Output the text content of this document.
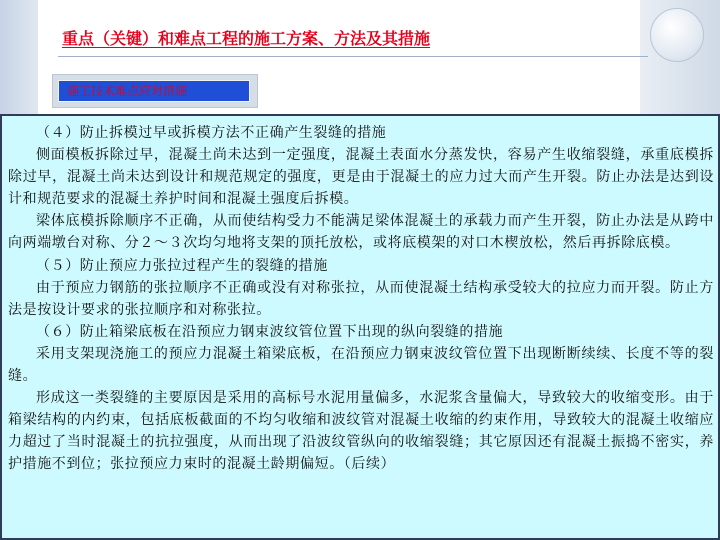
重点（关键）和难点工程的施工方案、方法及其措施
施工技术难点应对措施

（４）防止拆模过早或拆模方法不正确产生裂缝的措施

侧面模板拆除过早，混凝土尚未达到一定强度，混凝土表面水分蒸发快，容易产生收缩裂缝，承重底模拆除过早，混凝土尚未达到设计和规范规定的强度，更是由于混凝土的应力过大而产生开裂。防止办法是达到设计和规范要求的混凝土养护时间和混凝土强度后拆模。

梁体底模拆除顺序不正确，从而使结构受力不能满足梁体混凝土的承载力而产生开裂，防止办法是从跨中向两端墩台对称、分２～３次均匀地将支架的顶托放松，或将底模架的对口木楔放松，然后再拆除底模。

（５）防止预应力张拉过程产生的裂缝的措施

由于预应力钢筋的张拉顺序不正确或没有对称张拉，从而使混凝土结构承受较大的拉应力而开裂。防止方法是按设计要求的张拉顺序和对称张拉。

（６）防止箱梁底板在沿预应力钢束波纹管位置下出现的纵向裂缝的措施

采用支架现浇施工的预应力混凝土箱梁底板，在沿预应力钢束波纹管位置下出现断断续续、长度不等的裂缝。

形成这一类裂缝的主要原因是采用的高标号水泥用量偏多，水泥浆含量偏大，导致较大的收缩变形。由于箱梁结构的内约束，包括底板截面的不均匀收缩和波纹管对混凝土收缩的约束作用，导致较大的混凝土收缩应力超过了当时混凝土的抗拉强度，从而出现了沿波纹管纵向的收缩裂缝；其它原因还有混凝土振捣不密实，养护措施不到位；张拉预应力束时的混凝土龄期偏短。（后续）
